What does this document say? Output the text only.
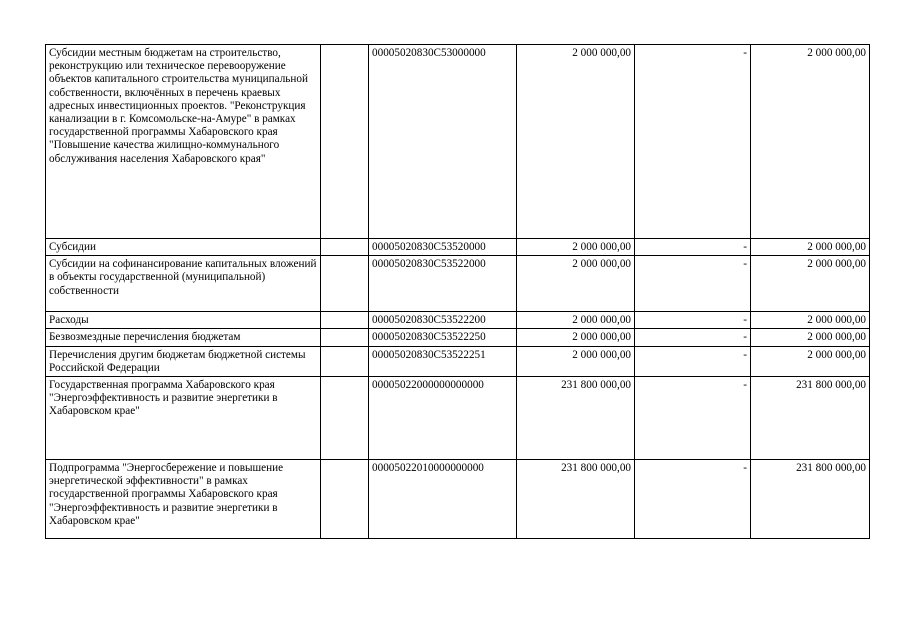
Субсидии местным бюджетам на строительство, реконструкцию или техническое перевооружение объектов капитального строительства муниципальной собственности, включённых в перечень краевых адресных инвестиционных проектов. "Реконструкция канализации в г. Комсомольске-на-Амуре" в рамках государственной программы Хабаровского края "Повышение качества жилищно-коммунального обслуживания населения Хабаровского края"		00005020830С53000000	2 000 000,00	-	2 000 000,00
Субсидии		00005020830С53520000	2 000 000,00	-	2 000 000,00
Субсидии на софинансирование капитальных вложений в объекты государственной (муниципальной) собственности		00005020830С53522000	2 000 000,00	-	2 000 000,00
Расходы		00005020830С53522200	2 000 000,00	-	2 000 000,00
Безвозмездные перечисления бюджетам		00005020830С53522250	2 000 000,00	-	2 000 000,00
Перечисления другим бюджетам бюджетной системы Российской Федерации		00005020830С53522251	2 000 000,00	-	2 000 000,00
Государственная программа Хабаровского края "Энергоэффективность и развитие энергетики в Хабаровском крае"		00005022000000000000	231 800 000,00	-	231 800 000,00
Подпрограмма "Энергосбережение и повышение энергетической эффективности" в рамках государственной программы Хабаровского края "Энергоэффективность и развитие энергетики в Хабаровском крае"		00005022010000000000	231 800 000,00	-	231 800 000,00
